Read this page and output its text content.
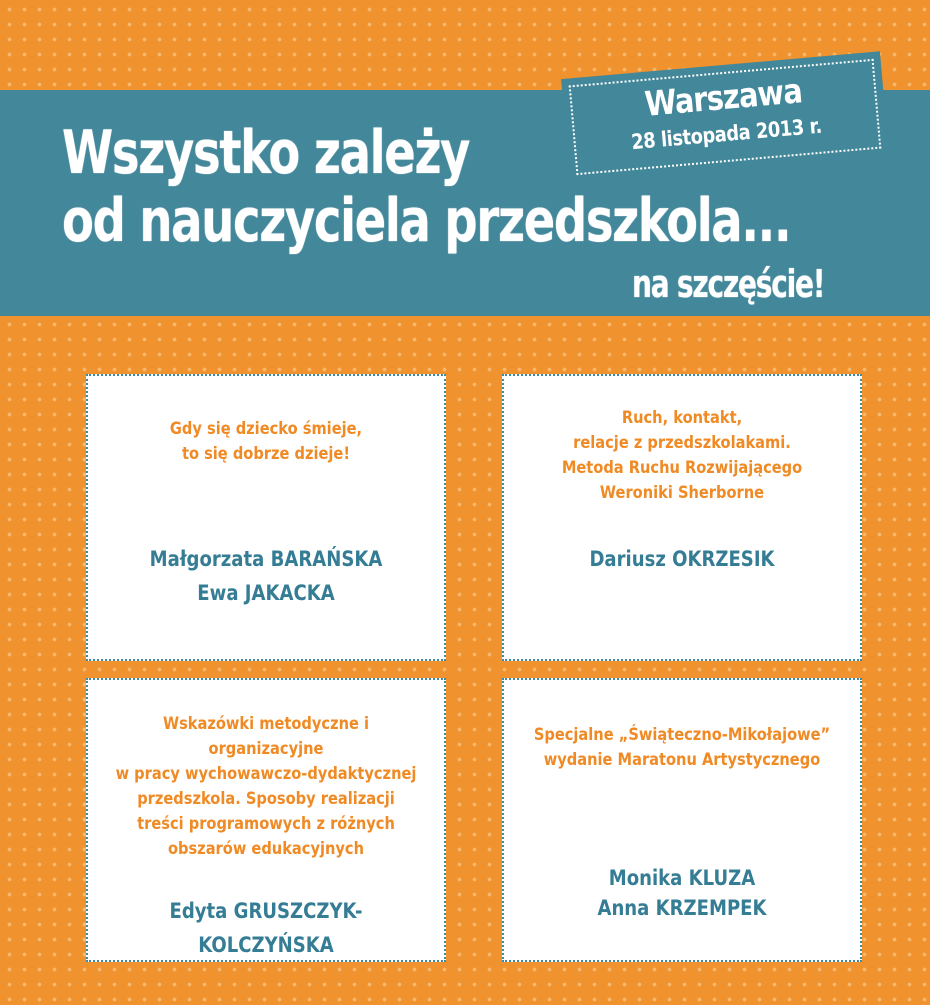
Wszystko zależy
od nauczyciela przedszkola...
na szczęście!
Warszawa
28 listopada 2013 r.

Gdy się dziecko śmieje,
to się dobrze dzieje!

Małgorzata BARAŃSKA
Ewa JAKACKA

Ruch, kontakt,
relacje z przedszkolakami.
Metoda Ruchu Rozwijającego
Weroniki Sherborne

Dariusz OKRZESIK

Wskazówki metodyczne i organizacyjne
w pracy wychowawczo-dydaktycznej
przedszkola. Sposoby realizacji
treści programowych z różnych
obszarów edukacyjnych

Edyta GRUSZCZYK-KOLCZYŃSKA

Specjalne „Świąteczno-Mikołajowe”
wydanie Maratonu Artystycznego

Monika KLUZA
Anna KRZEMPEK
